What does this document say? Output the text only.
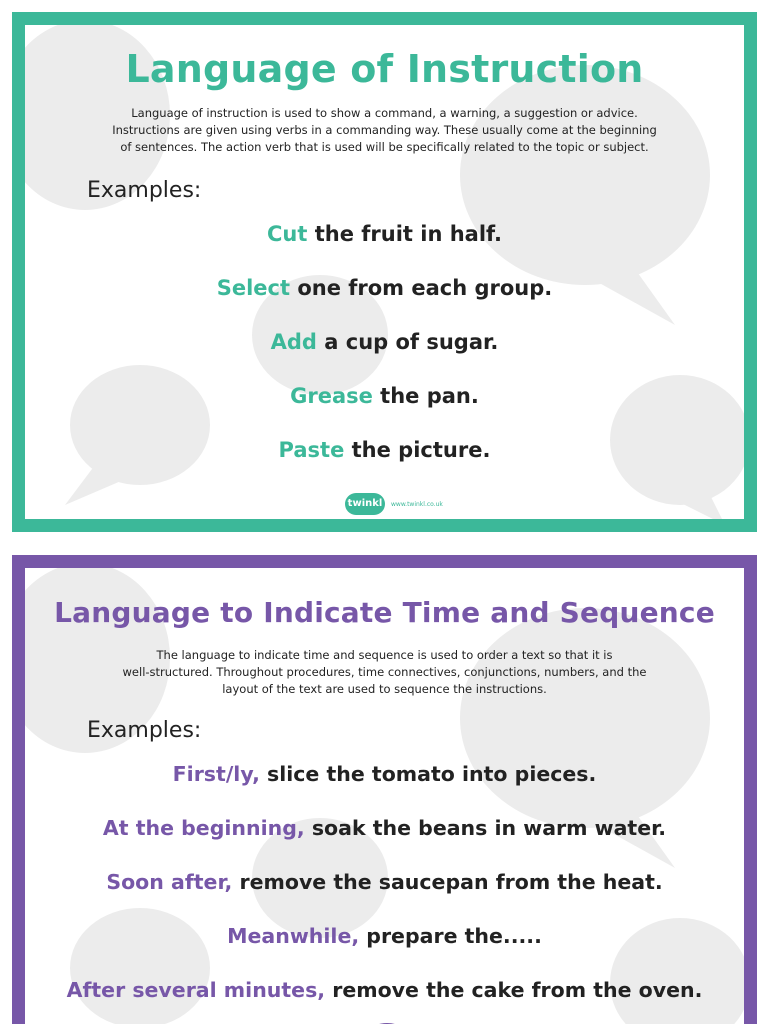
Language of Instruction
Language of instruction is used to show a command, a warning, a suggestion or advice.
Instructions are given using verbs in a commanding way. These usually come at the beginning
of sentences. The action verb that is used will be specifically related to the topic or subject.
Examples:
Cut the fruit in half.
Select one from each group.
Add a cup of sugar.
Grease the pan.
Paste the picture.
twinkl	www.twinkl.co.uk
Language to Indicate Time and Sequence
The language to indicate time and sequence is used to order a text so that it is
well-structured. Throughout procedures, time connectives, conjunctions, numbers, and the
layout of the text are used to sequence the instructions.
Examples:
First/ly, slice the tomato into pieces.
At the beginning, soak the beans in warm water.
Soon after, remove the saucepan from the heat.
Meanwhile, prepare the.....
After several minutes, remove the cake from the oven.
